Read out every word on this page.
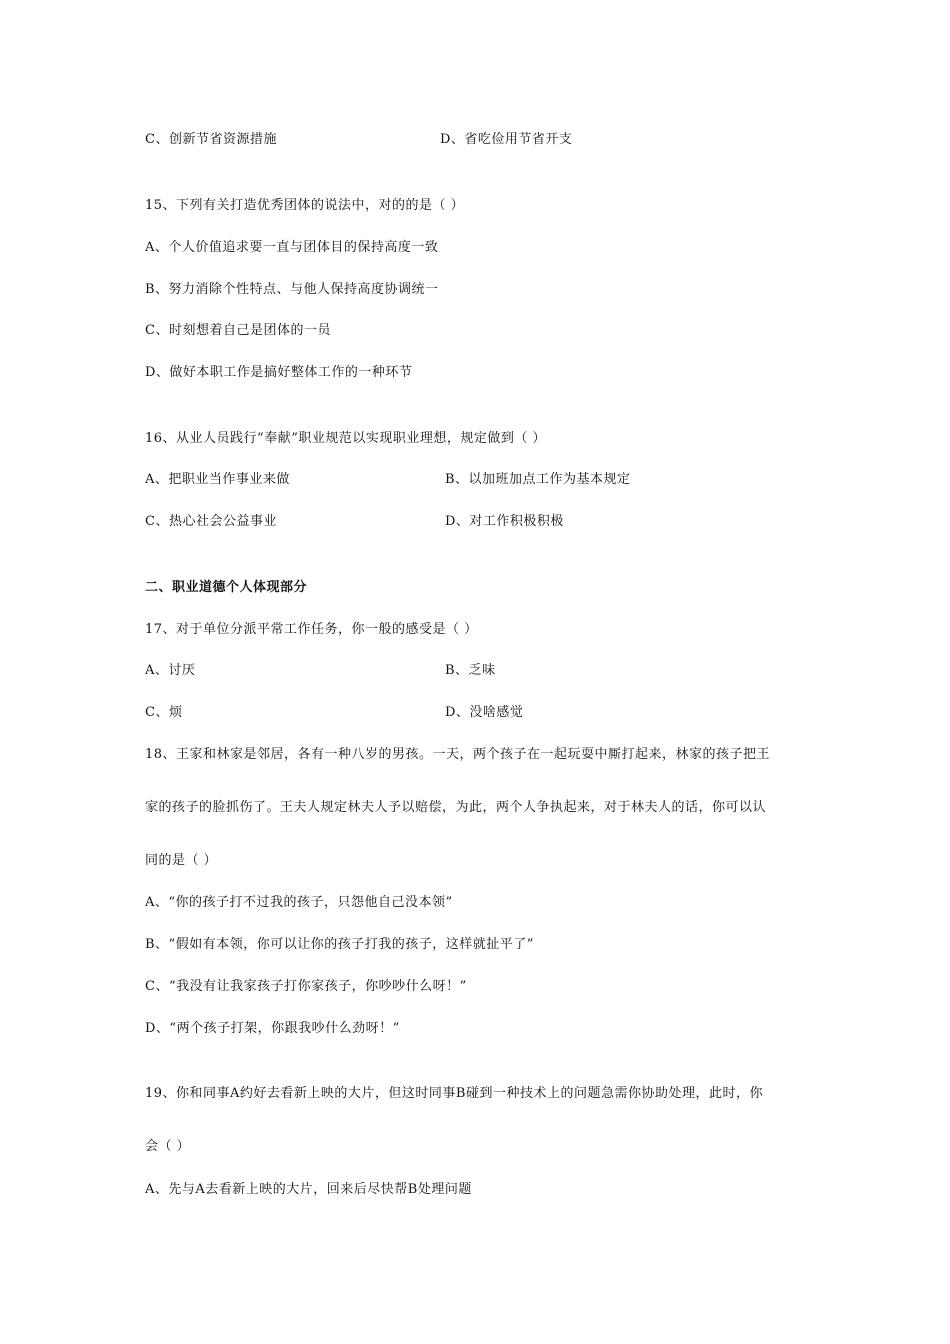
C、创新节省资源措施	D、省吃俭用节省开支
15、下列有关打造优秀团体的说法中，对的的是（ ）
A、个人价值追求要一直与团体目的保持高度一致
B、努力消除个性特点、与他人保持高度协调统一
C、时刻想着自己是团体的一员
D、做好本职工作是搞好整体工作的一种环节
16、从业人员践行“奉献”职业规范以实现职业理想，规定做到（ ）
A、把职业当作事业来做	B、以加班加点工作为基本规定
C、热心社会公益事业	D、对工作积极积极
二、职业道德个人体现部分
17、对于单位分派平常工作任务，你一般的感受是（ ）
A、讨厌	B、乏味
C、烦	D、没啥感觉
18、王家和林家是邻居，各有一种八岁的男孩。一天，两个孩子在一起玩耍中厮打起来，林家的孩子把王
家的孩子的脸抓伤了。王夫人规定林夫人予以赔偿，为此，两个人争执起来，对于林夫人的话，你可以认
同的是（ ）
A、“你的孩子打不过我的孩子，只怨他自己没本领”
B、“假如有本领，你可以让你的孩子打我的孩子，这样就扯平了”
C、“我没有让我家孩子打你家孩子，你吵吵什么呀！”
D、“两个孩子打架，你跟我吵什么劲呀！”
19、你和同事A约好去看新上映的大片，但这时同事B碰到一种技术上的问题急需你协助处理，此时，你
会（ ）
A、先与A去看新上映的大片，回来后尽快帮B处理问题
